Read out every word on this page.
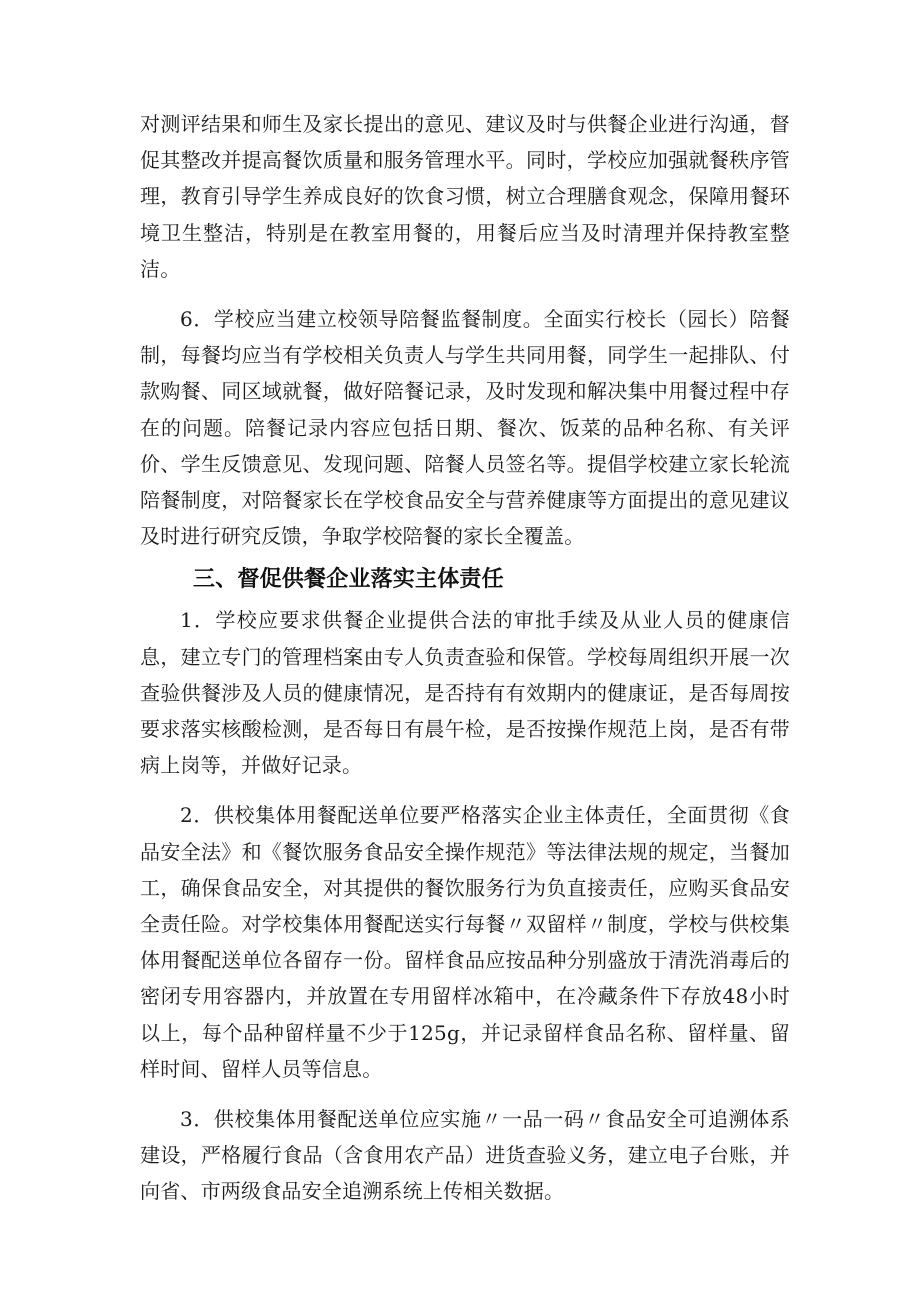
对测评结果和师生及家长提出的意见、建议及时与供餐企业进行沟通，督促其整改并提高餐饮质量和服务管理水平。同时，学校应加强就餐秩序管理，教育引导学生养成良好的饮食习惯，树立合理膳食观念，保障用餐环境卫生整洁，特别是在教室用餐的，用餐后应当及时清理并保持教室整洁。

6．学校应当建立校领导陪餐监餐制度。全面实行校长（园长）陪餐制，每餐均应当有学校相关负责人与学生共同用餐，同学生一起排队、付款购餐、同区域就餐，做好陪餐记录，及时发现和解决集中用餐过程中存在的问题。陪餐记录内容应包括日期、餐次、饭菜的品种名称、有关评价、学生反馈意见、发现问题、陪餐人员签名等。提倡学校建立家长轮流陪餐制度，对陪餐家长在学校食品安全与营养健康等方面提出的意见建议及时进行研究反馈，争取学校陪餐的家长全覆盖。

三、督促供餐企业落实主体责任

1．学校应要求供餐企业提供合法的审批手续及从业人员的健康信息，建立专门的管理档案由专人负责查验和保管。学校每周组织开展一次查验供餐涉及人员的健康情况，是否持有有效期内的健康证，是否每周按要求落实核酸检测，是否每日有晨午检，是否按操作规范上岗，是否有带病上岗等，并做好记录。

2．供校集体用餐配送单位要严格落实企业主体责任，全面贯彻《食品安全法》和《餐饮服务食品安全操作规范》等法律法规的规定，当餐加工，确保食品安全，对其提供的餐饮服务行为负直接责任，应购买食品安全责任险。对学校集体用餐配送实行每餐〃双留样〃制度，学校与供校集体用餐配送单位各留存一份。留样食品应按品种分别盛放于清洗消毒后的密闭专用容器内，并放置在专用留样冰箱中，在冷藏条件下存放48小时以上，每个品种留样量不少于125g，并记录留样食品名称、留样量、留样时间、留样人员等信息。

3．供校集体用餐配送单位应实施〃一品一码〃食品安全可追溯体系建设，严格履行食品（含食用农产品）进货查验义务，建立电子台账，并向省、市两级食品安全追溯系统上传相关数据。
